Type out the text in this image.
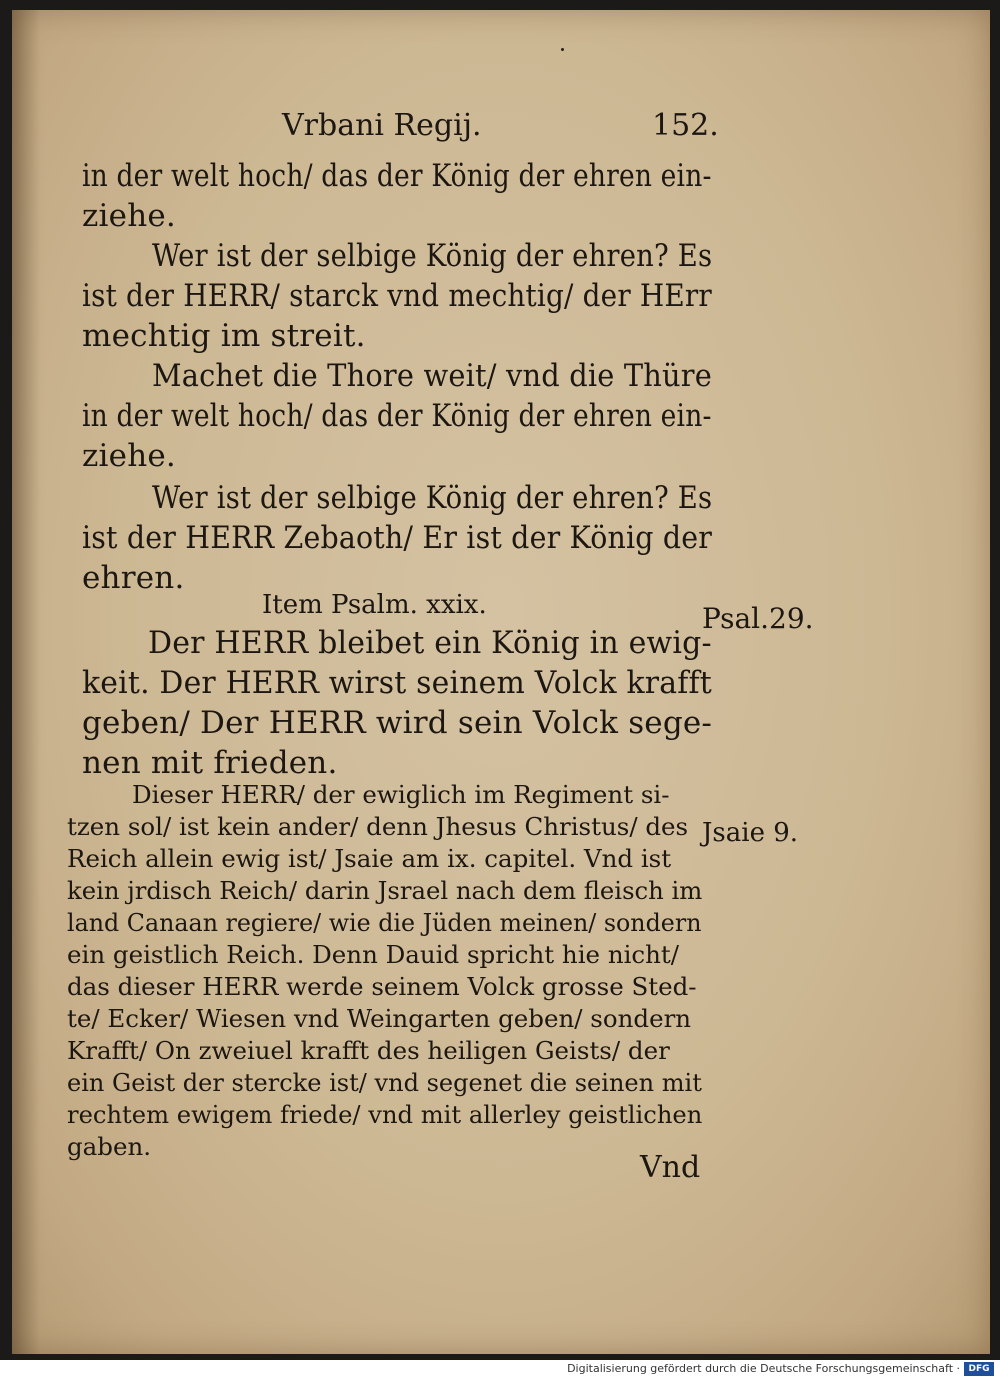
Vrbani Regij.	152.
in der welt hoch/ das der König der ehren ein-
ziehe.
Wer ist der selbige König der ehren? Es
ist der HERR/ starck vnd mechtig/ der HErr
mechtig im streit.
Machet die Thore weit/ vnd die Thüre
in der welt hoch/ das der König der ehren ein-
ziehe.
Wer ist der selbige König der ehren? Es
ist der HERR Zebaoth/ Er ist der König der
ehren.
Item Psalm. xxix.	Psal.29.
Der HERR bleibet ein König in ewig-
keit. Der HERR wirst seinem Volck krafft
geben/ Der HERR wird sein Volck sege-
nen mit frieden.
Dieser HERR/ der ewiglich im Regiment si-
tzen sol/ ist kein ander/ denn Jhesus Christus/ des Jsaie 9.
Reich allein ewig ist/ Jsaie am ix. capitel. Vnd ist
kein jrdisch Reich/ darin Jsrael nach dem fleisch im
land Canaan regiere/ wie die Jüden meinen/ sondern
ein geistlich Reich. Denn Dauid spricht hie nicht/
das dieser HERR werde seinem Volck grosse Sted-
te/ Ecker/ Wiesen vnd Weingarten geben/ sondern
Krafft/ On zweiuel krafft des heiligen Geists/ der
ein Geist der stercke ist/ vnd segenet die seinen mit
rechtem ewigem friede/ vnd mit allerley geistlichen
gaben.
Vnd
Digitalisierung gefördert durch die Deutsche Forschungsgemeinschaft · DFG
